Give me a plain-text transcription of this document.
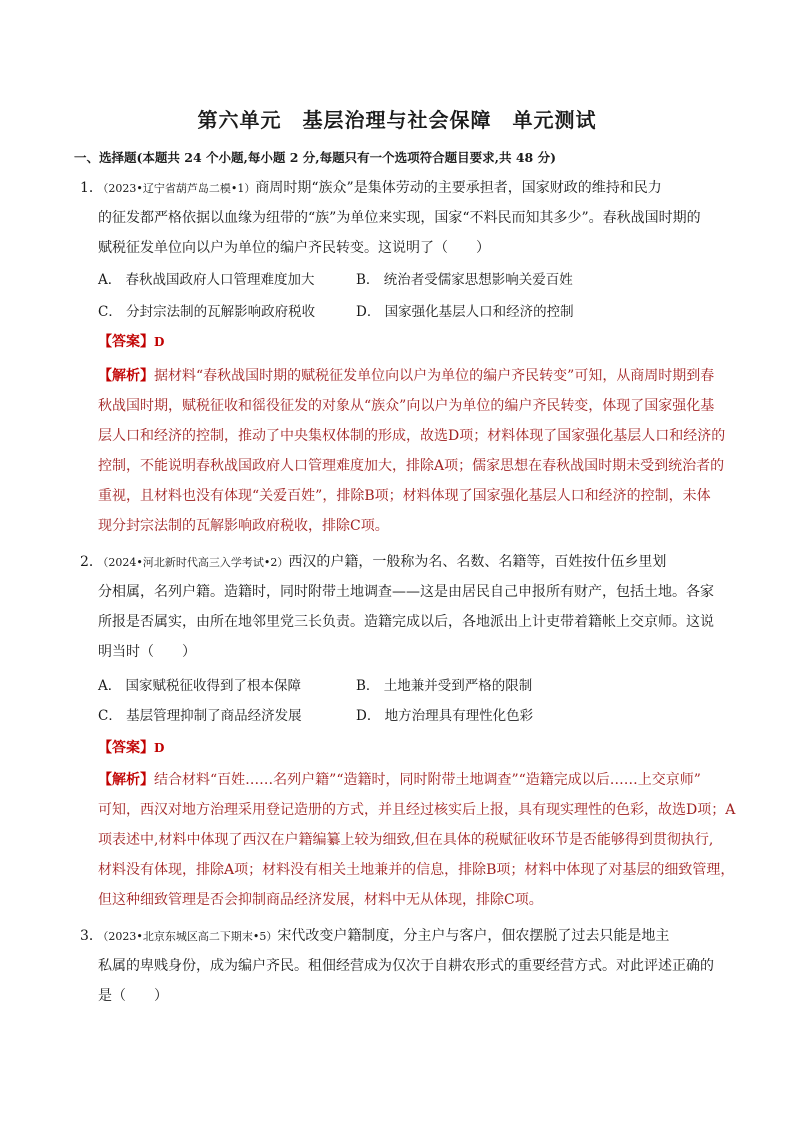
第六单元　基层治理与社会保障　单元测试
一、选择题(本题共 24 个小题,每小题 2 分,每题只有一个选项符合题目要求,共 48 分)
1．（2023•辽宁省葫芦岛二模•1）商周时期“族众”是集体劳动的主要承担者，国家财政的维持和民力
的征发都严格依据以血缘为纽带的“族”为单位来实现，国家“不料民而知其多少”。春秋战国时期的
赋税征发单位向以户为单位的编户齐民转变。这说明了（　　）
A． 春秋战国政府人口管理难度加大	B． 统治者受儒家思想影响关爱百姓
C． 分封宗法制的瓦解影响政府税收	D． 国家强化基层人口和经济的控制
【答案】D
【解析】据材料“春秋战国时期的赋税征发单位向以户为单位的编户齐民转变”可知，从商周时期到春
秋战国时期，赋税征收和徭役征发的对象从“族众”向以户为单位的编户齐民转变，体现了国家强化基
层人口和经济的控制，推动了中央集权体制的形成，故选D项；材料体现了国家强化基层人口和经济的
控制，不能说明春秋战国政府人口管理难度加大，排除A项；儒家思想在春秋战国时期未受到统治者的
重视，且材料也没有体现“关爱百姓”，排除B项；材料体现了国家强化基层人口和经济的控制，未体
现分封宗法制的瓦解影响政府税收，排除C项。
2．（2024•河北新时代高三入学考试•2）西汉的户籍，一般称为名、名数、名籍等，百姓按什伍乡里划
分相属，名列户籍。造籍时，同时附带土地调查——这是由居民自己申报所有财产，包括土地。各家
所报是否属实，由所在地邻里党三长负责。造籍完成以后，各地派出上计吏带着籍帐上交京师。这说
明当时（　　）
A． 国家赋税征收得到了根本保障	B． 土地兼并受到严格的限制
C． 基层管理抑制了商品经济发展	D． 地方治理具有理性化色彩
【答案】D
【解析】结合材料“百姓……名列户籍”“造籍时，同时附带土地调查”“造籍完成以后……上交京师”
可知，西汉对地方治理采用登记造册的方式，并且经过核实后上报，具有现实理性的色彩，故选D项；A
项表述中,材料中体现了西汉在户籍编纂上较为细致,但在具体的税赋征收环节是否能够得到贯彻执行,
材料没有体现，排除A项；材料没有相关土地兼并的信息，排除B项；材料中体现了对基层的细致管理，
但这种细致管理是否会抑制商品经济发展，材料中无从体现，排除C项。
3．（2023•北京东城区高二下期末•5）宋代改变户籍制度，分主户与客户，佃农摆脱了过去只能是地主
私属的卑贱身份，成为编户齐民。租佃经营成为仅次于自耕农形式的重要经营方式。对此评述正确的
是（　　）
